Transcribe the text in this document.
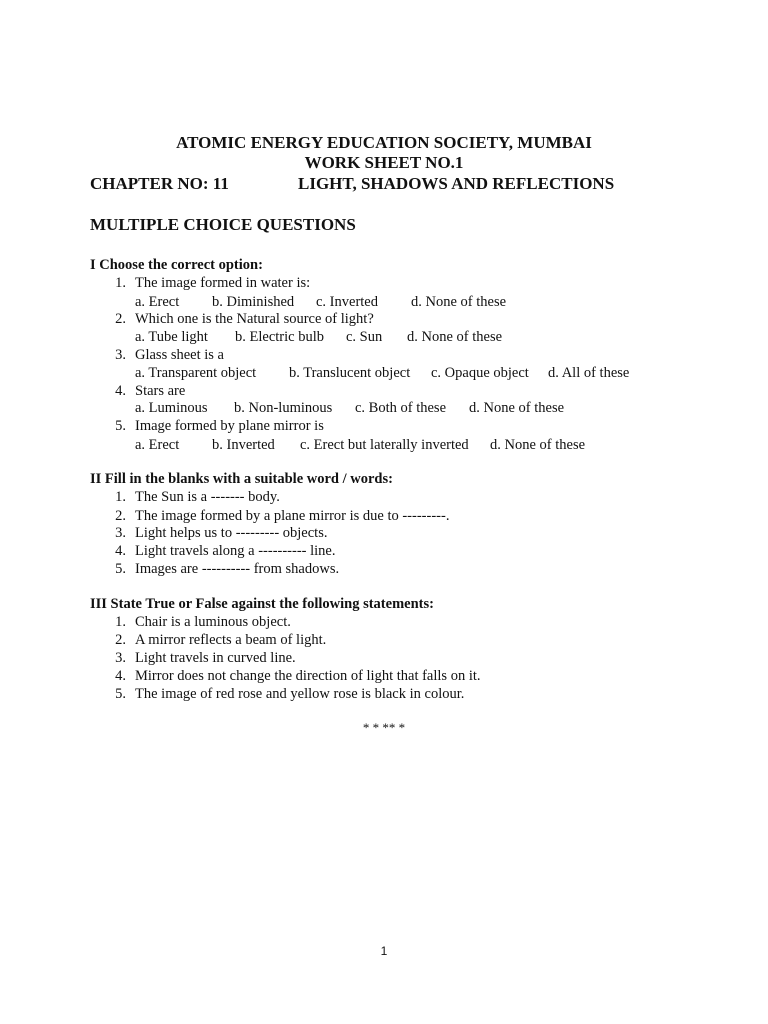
ATOMIC ENERGY EDUCATION SOCIETY, MUMBAI
WORK SHEET NO.1
CHAPTER NO: 11	LIGHT, SHADOWS AND REFLECTIONS
MULTIPLE CHOICE QUESTIONS
I Choose the correct option:
1. The image formed in water is:
a. Erect b. Diminished c. Inverted d. None of these
2. Which one is the Natural source of light?
a. Tube light b. Electric bulb c. Sun d. None of these
3. Glass sheet is a
a. Transparent object b. Translucent object c. Opaque object d. All of these
4. Stars are
a. Luminous b. Non-luminous c. Both of these d. None of these
5. Image formed by plane mirror is
a. Erect b. Inverted c. Erect but laterally inverted d. None of these
II Fill in the blanks with a suitable word / words:
1. The Sun is a ------- body.
2. The image formed by a plane mirror is due to ---------.
3. Light helps us to --------- objects.
4. Light travels along a ---------- line.
5. Images are ---------- from shadows.
III State True or False against the following statements:
1. Chair is a luminous object.
2. A mirror reflects a beam of light.
3. Light travels in curved line.
4. Mirror does not change the direction of light that falls on it.
5. The image of red rose and yellow rose is black in colour.
* * ** *
1
